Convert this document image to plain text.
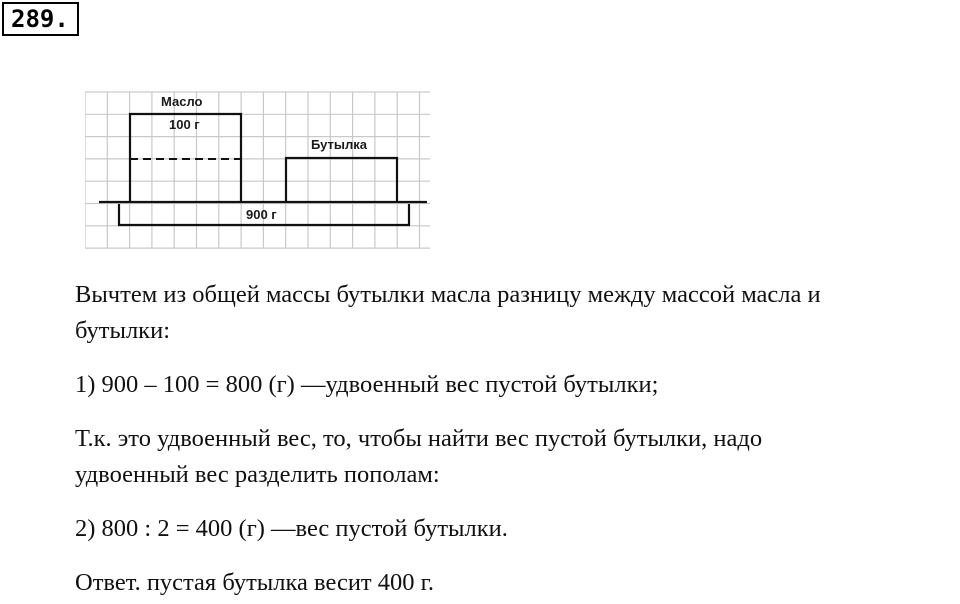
289.
Масло
100 г
Бутылка
900 г

Вычтем из общей массы бутылки масла разницу между массой масла и
бутылки:

1) 900 – 100 = 800 (г) —удвоенный вес пустой бутылки;

Т.к. это удвоенный вес, то, чтобы найти вес пустой бутылки, надо
удвоенный вес разделить пополам:

2) 800 : 2 = 400 (г) —вес пустой бутылки.

Ответ. пустая бутылка весит 400 г.
